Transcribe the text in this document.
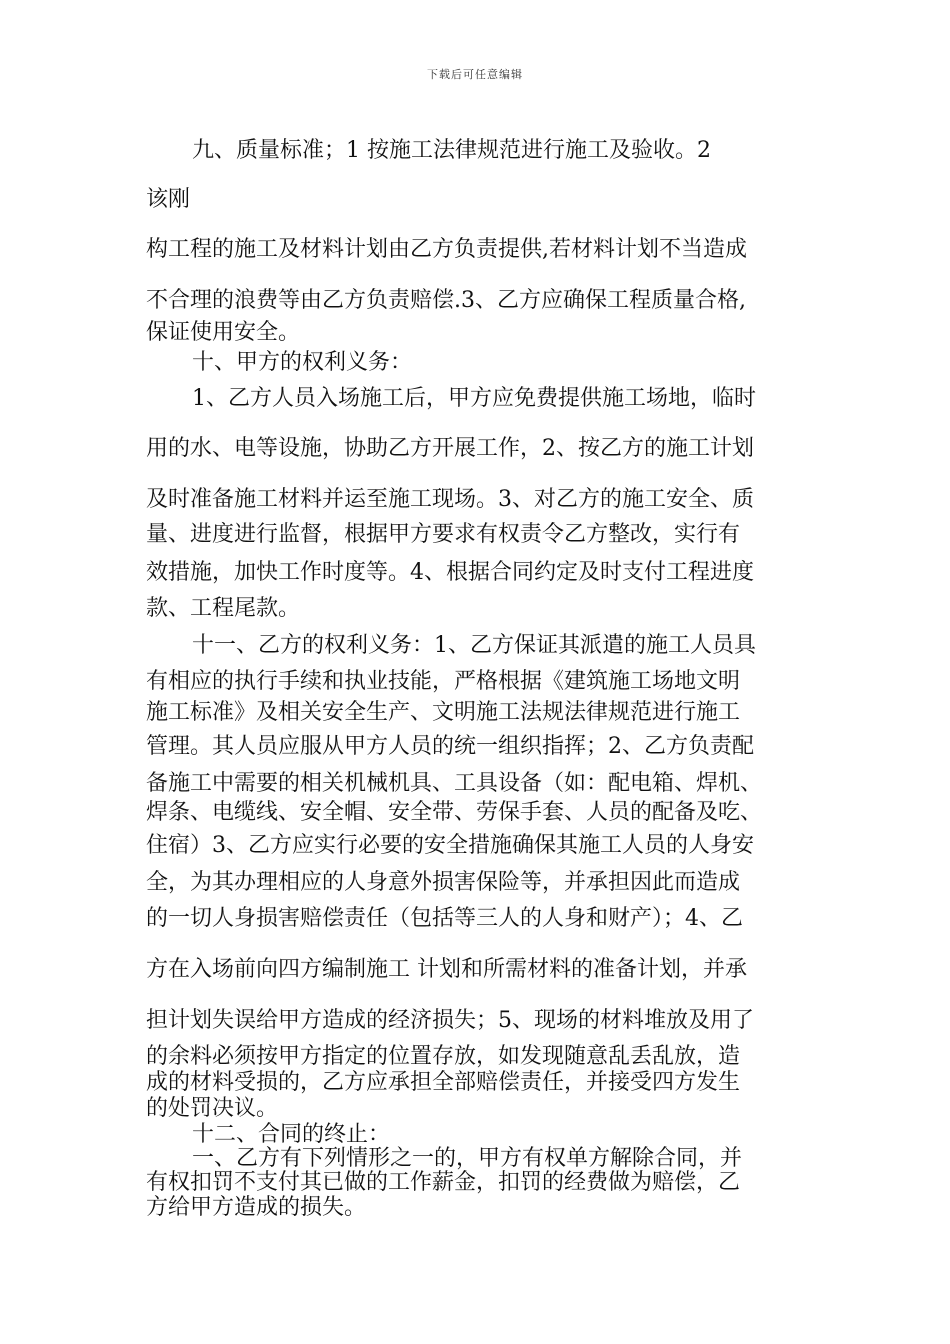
下载后可任意编辑
九、质量标准；1 按施工法律规范进行施工及验收。2
该刚
构工程的施工及材料计划由乙方负责提供,若材料计划不当造成
不合理的浪费等由乙方负责赔偿.3、乙方应确保工程质量合格,
保证使用安全。
十、甲方的权利义务：
1、乙方人员入场施工后，甲方应免费提供施工场地，临时
用的水、电等设施，协助乙方开展工作，2、按乙方的施工计划
及时准备施工材料并运至施工现场。3、对乙方的施工安全、质
量、进度进行监督，根据甲方要求有权责令乙方整改，实行有
效措施，加快工作时度等。4、根据合同约定及时支付工程进度
款、工程尾款。
十一、乙方的权利义务：1、乙方保证其派遣的施工人员具
有相应的执行手续和执业技能，严格根据《建筑施工场地文明
施工标准》及相关安全生产、文明施工法规法律规范进行施工
管理。其人员应服从甲方人员的统一组织指挥；2、乙方负责配
备施工中需要的相关机械机具、工具设备（如：配电箱、焊机、
焊条、电缆线、安全帽、安全带、劳保手套、人员的配备及吃、
住宿）3、乙方应实行必要的安全措施确保其施工人员的人身安
全，为其办理相应的人身意外损害保险等，并承担因此而造成
的一切人身损害赔偿责任（包括等三人的人身和财产）；4、乙
方在入场前向四方编制施工 计划和所需材料的准备计划，并承
担计划失误给甲方造成的经济损失；5、现场的材料堆放及用了
的余料必须按甲方指定的位置存放，如发现随意乱丢乱放，造
成的材料受损的，乙方应承担全部赔偿责任，并接受四方发生
的处罚决议。
十二、合同的终止：
一、乙方有下列情形之一的，甲方有权单方解除合同，并
有权扣罚不支付其已做的工作薪金，扣罚的经费做为赔偿，乙
方给甲方造成的损失。
